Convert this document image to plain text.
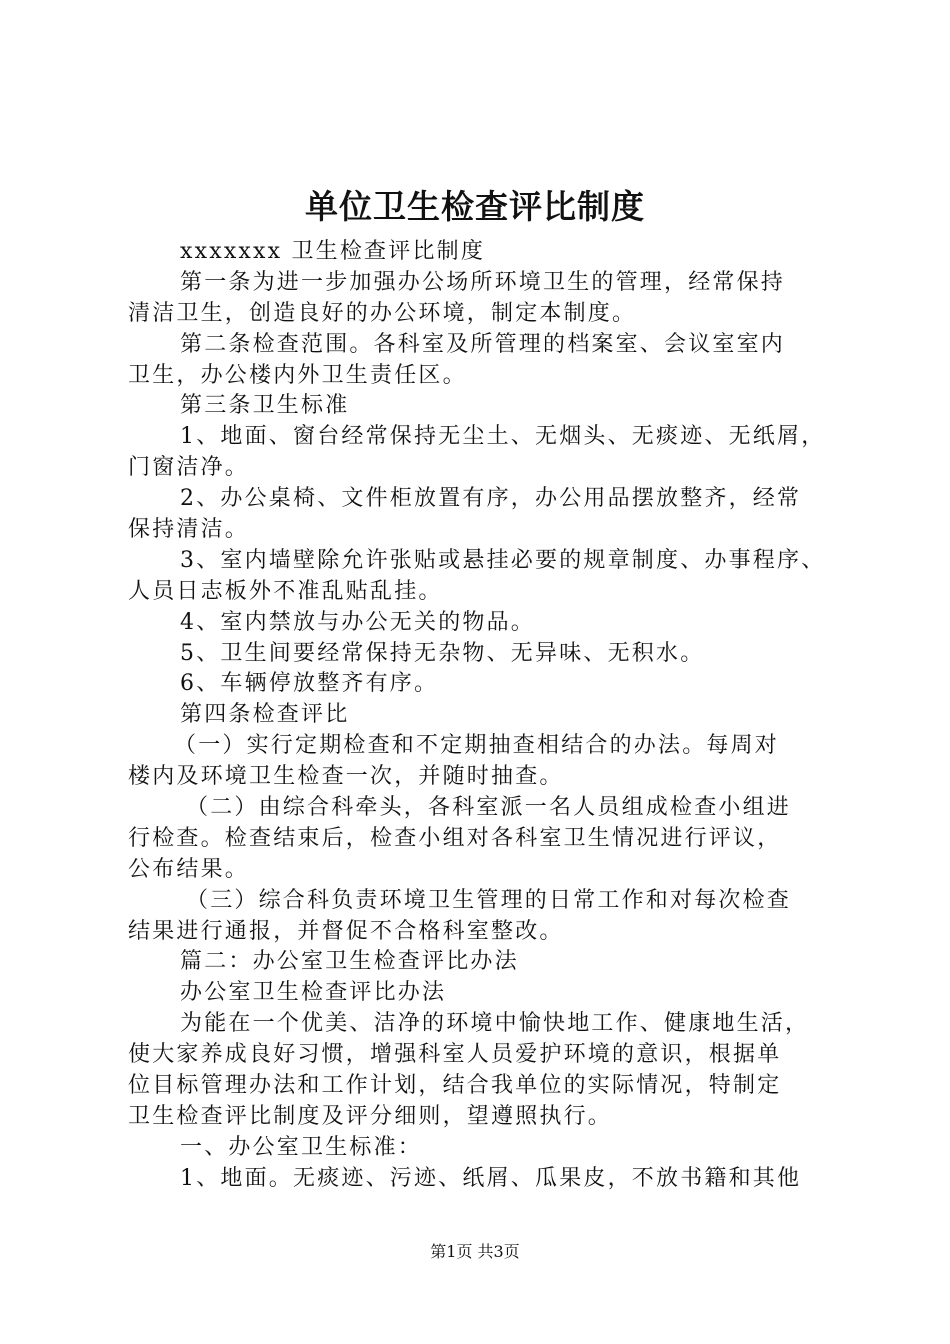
单位卫生检查评比制度
xxxxxxx 卫生检查评比制度
第一条为进一步加强办公场所环境卫生的管理，经常保持
清洁卫生，创造良好的办公环境，制定本制度。
第二条检查范围。各科室及所管理的档案室、会议室室内
卫生，办公楼内外卫生责任区。
第三条卫生标准
1、地面、窗台经常保持无尘土、无烟头、无痰迹、无纸屑，
门窗洁净。
2、办公桌椅、文件柜放置有序，办公用品摆放整齐，经常
保持清洁。
3、室内墙壁除允许张贴或悬挂必要的规章制度、办事程序、
人员日志板外不准乱贴乱挂。
4、室内禁放与办公无关的物品。
5、卫生间要经常保持无杂物、无异味、无积水。
6、车辆停放整齐有序。
第四条检查评比
（一）实行定期检查和不定期抽查相结合的办法。每周对
楼内及环境卫生检查一次，并随时抽查。
（二）由综合科牵头，各科室派一名人员组成检查小组进
行检查。检查结束后，检查小组对各科室卫生情况进行评议，
公布结果。
（三）综合科负责环境卫生管理的日常工作和对每次检查
结果进行通报，并督促不合格科室整改。
篇二：办公室卫生检查评比办法
办公室卫生检查评比办法
为能在一个优美、洁净的环境中愉快地工作、健康地生活，
使大家养成良好习惯，增强科室人员爱护环境的意识，根据单
位目标管理办法和工作计划，结合我单位的实际情况，特制定
卫生检查评比制度及评分细则，望遵照执行。
一、办公室卫生标准：
1、地面。无痰迹、污迹、纸屑、瓜果皮，不放书籍和其他
第1页 共3页
